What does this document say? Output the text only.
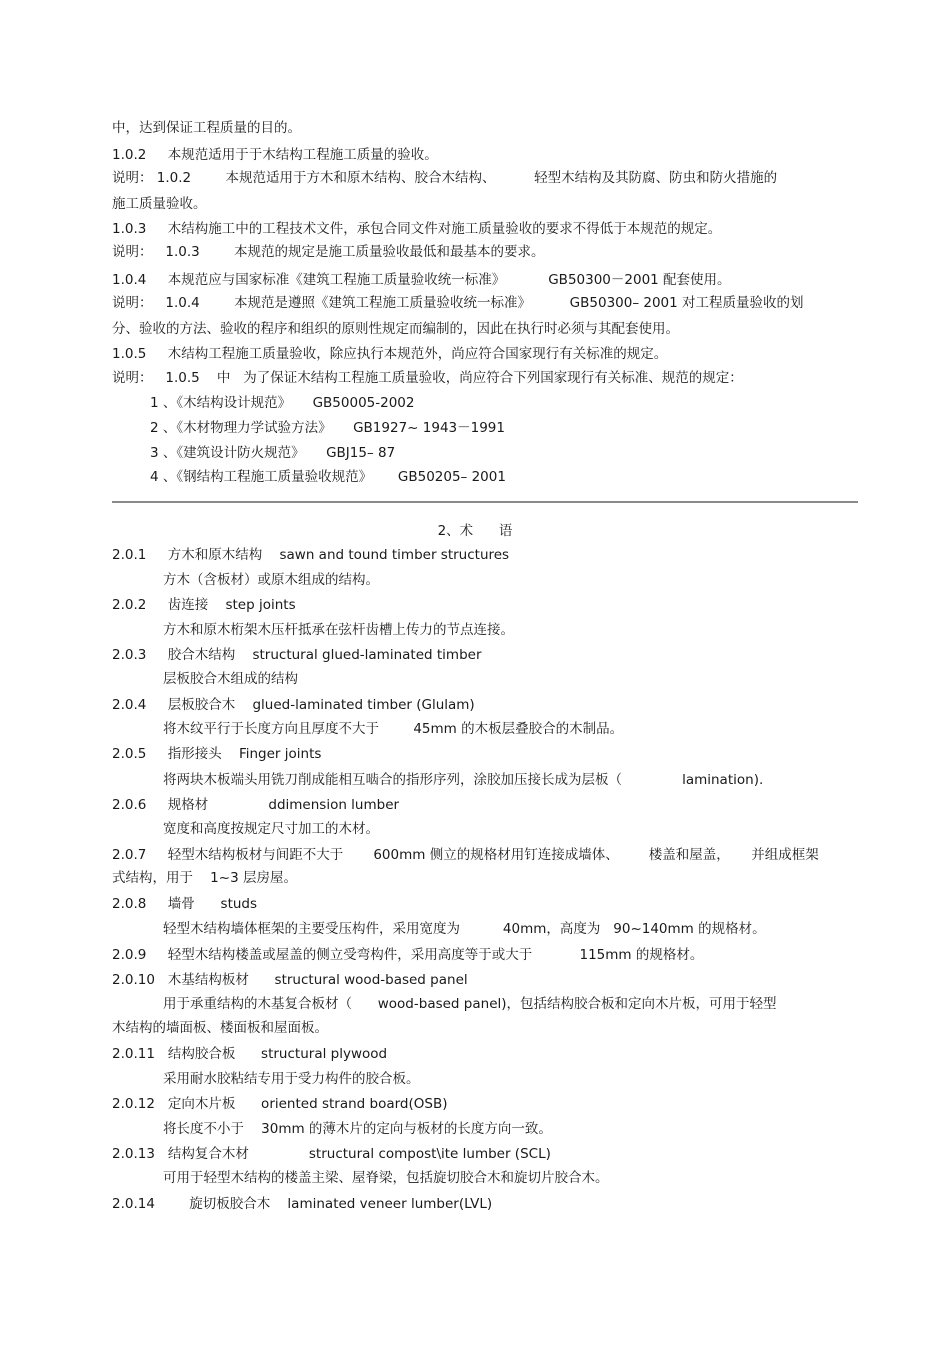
中，达到保证工程质量的目的。
1.0.2     本规范适用于于木结构工程施工质量的验收。
说明： 1.0.2        本规范适用于方木和原木结构、胶合木结构、         轻型木结构及其防腐、防虫和防火措施的
施工质量验收。
1.0.3     木结构施工中的工程技术文件，承包合同文件对施工质量验收的要求不得低于本规范的规定。
说明：   1.0.3        本规范的规定是施工质量验收最低和最基本的要求。
1.0.4     本规范应与国家标准《建筑工程施工质量验收统一标准》          GB50300－2001 配套使用。
说明：   1.0.4        本规范是遵照《建筑工程施工质量验收统一标准》         GB50300– 2001 对工程质量验收的划
分、验收的方法、验收的程序和组织的原则性规定而编制的，因此在执行时必须与其配套使用。
1.0.5     木结构工程施工质量验收，除应执行本规范外，尚应符合国家现行有关标准的规定。
说明：   1.0.5    中   为了保证木结构工程施工质量验收，尚应符合下列国家现行有关标准、规范的规定：
1 、《木结构设计规范》     GB50005-2002
2 、《木材物理力学试验方法》     GB1927~ 1943－1991
3 、《建筑设计防火规范》     GBJ15– 87
4 、《钢结构工程施工质量验收规范》      GB50205– 2001
2、术      语
2.0.1     方木和原木结构    sawn and tound timber structures
方木（含板材）或原木组成的结构。
2.0.2     齿连接    step joints
方木和原木桁架木压杆抵承在弦杆齿槽上传力的节点连接。
2.0.3     胶合木结构    structural glued-laminated timber
层板胶合木组成的结构
2.0.4     层板胶合木    glued-laminated timber (Glulam)
将木纹平行于长度方向且厚度不大于        45mm 的木板层叠胶合的木制品。
2.0.5     指形接头    Finger joints
将两块木板端头用铣刀削成能相互啮合的指形序列，涂胶加压接长成为层板（              lamination).
2.0.6     规格材              ddimension lumber
宽度和高度按规定尺寸加工的木材。
2.0.7     轻型木结构板材与间距不大于       600mm 侧立的规格材用钉连接成墙体、       楼盖和屋盖，     并组成框架
式结构，用于    1~3 层房屋。
2.0.8     墙骨      studs
轻型木结构墙体框架的主要受压构件，采用宽度为          40mm，高度为   90~140mm 的规格材。
2.0.9     轻型木结构楼盖或屋盖的侧立受弯构件，采用高度等于或大于           115mm 的规格材。
2.0.10   木基结构板材      structural wood-based panel
用于承重结构的木基复合板材（      wood-based panel)，包括结构胶合板和定向木片板，可用于轻型
木结构的墙面板、楼面板和屋面板。
2.0.11   结构胶合板      structural plywood
采用耐水胶粘结专用于受力构件的胶合板。
2.0.12   定向木片板      oriented strand board(OSB)
将长度不小于    30mm 的薄木片的定向与板材的长度方向一致。
2.0.13   结构复合木材              structural compost\ite lumber (SCL)
可用于轻型木结构的楼盖主梁、屋脊梁，包括旋切胶合木和旋切片胶合木。
2.0.14        旋切板胶合木    laminated veneer lumber(LVL)
